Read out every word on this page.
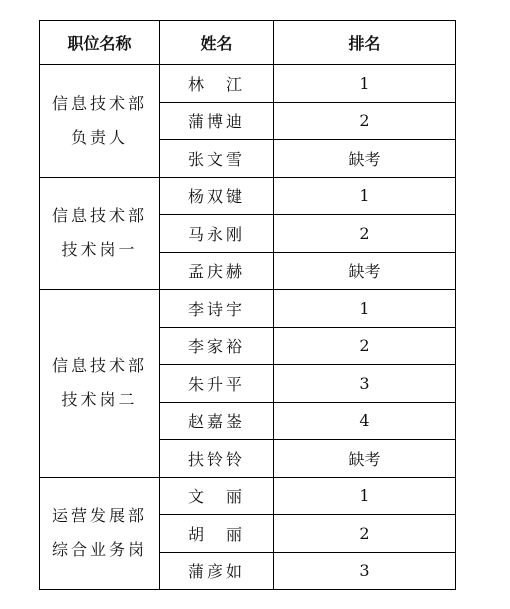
职位名称	姓名	排名

信息技术部
负责人	林　江	1
	蒲博迪	2
	张文雪	缺考

信息技术部
技术岗一	杨双键	1
	马永刚	2
	孟庆赫	缺考

信息技术部
技术岗二	李诗宇	1
	李家裕	2
	朱升平	3
	赵嘉崟	4
	扶铃铃	缺考

运营发展部
综合业务岗	文　丽	1
	胡　丽	2
	蒲彦如	3
